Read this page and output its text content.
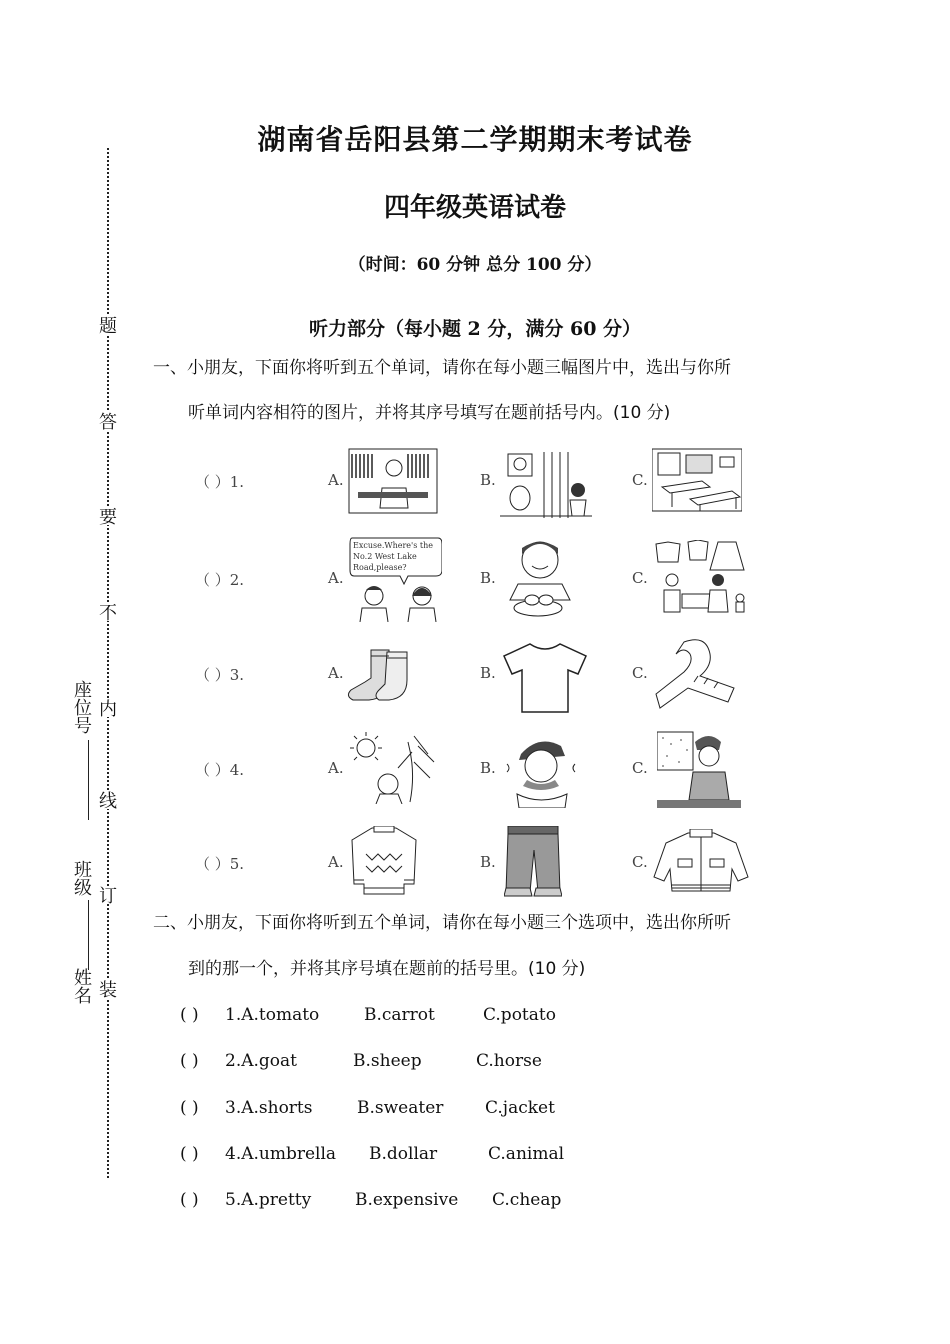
题
答
要
不
内
线
订
装
座位号
班级
姓名
湖南省岳阳县第二学期期末考试卷
四年级英语试卷
（时间：60 分钟 总分 100 分）
听力部分（每小题 2 分，满分 60 分）
一、小朋友，下面你将听到五个单词，请你在每小题三幅图片中，选出与你所
听单词内容相符的图片，并将其序号填写在题前括号内。(10 分)
（ ）1.	A.	B.	C.
（ ）2.	A.	B.	C.
Excuse.Where's the No.2 West Lake Road,please?
（ ）3.	A.	B.	C.
（ ）4.	A.	B.	C.
（ ）5.	A.	B.	C.
二、小朋友，下面你将听到五个单词，请你在每小题三个选项中，选出你所听
到的那一个，并将其序号填在题前的括号里。(10 分)
( ) 1.A.tomato	B.carrot	C.potato
( ) 2.A.goat	B.sheep	C.horse
( ) 3.A.shorts	B.sweater C.jacket
( ) 4.A.umbrella B.dollar	C.animal
( ) 5.A.pretty	B.expensive C.cheap
